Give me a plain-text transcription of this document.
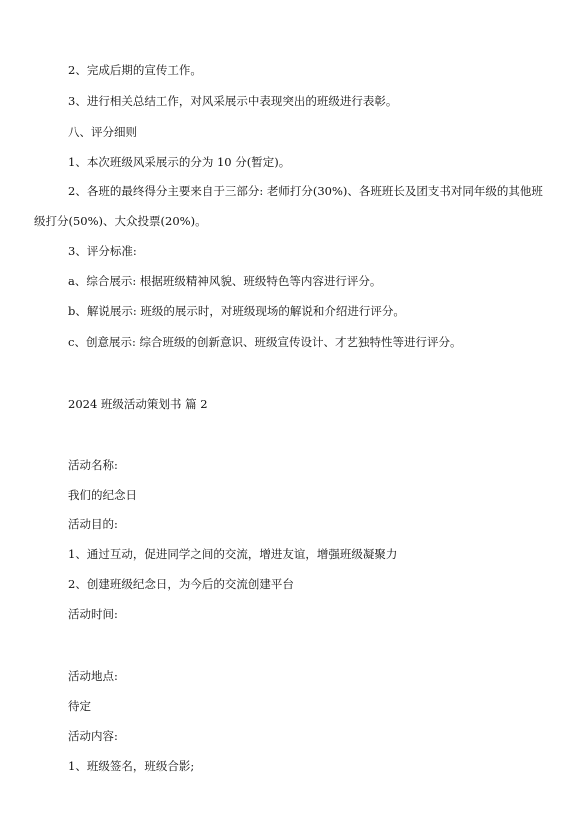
2、完成后期的宣传工作。
3、进行相关总结工作，对风采展示中表现突出的班级进行表彰。
八、评分细则
1、本次班级风采展示的分为 10 分(暂定)。
2、各班的最终得分主要来自于三部分: 老师打分(30%)、各班班长及团支书对同年级的其他班
级打分(50%)、大众投票(20%)。
3、评分标准:
a、综合展示: 根据班级精神风貌、班级特色等内容进行评分。
b、解说展示: 班级的展示时，对班级现场的解说和介绍进行评分。
c、创意展示: 综合班级的创新意识、班级宣传设计、才艺独特性等进行评分。
2024 班级活动策划书 篇 2
活动名称:
我们的纪念日
活动目的:
1、通过互动，促进同学之间的交流，增进友谊，增强班级凝聚力
2、创建班级纪念日，为今后的交流创建平台
活动时间:
活动地点:
待定
活动内容:
1、班级签名，班级合影;
